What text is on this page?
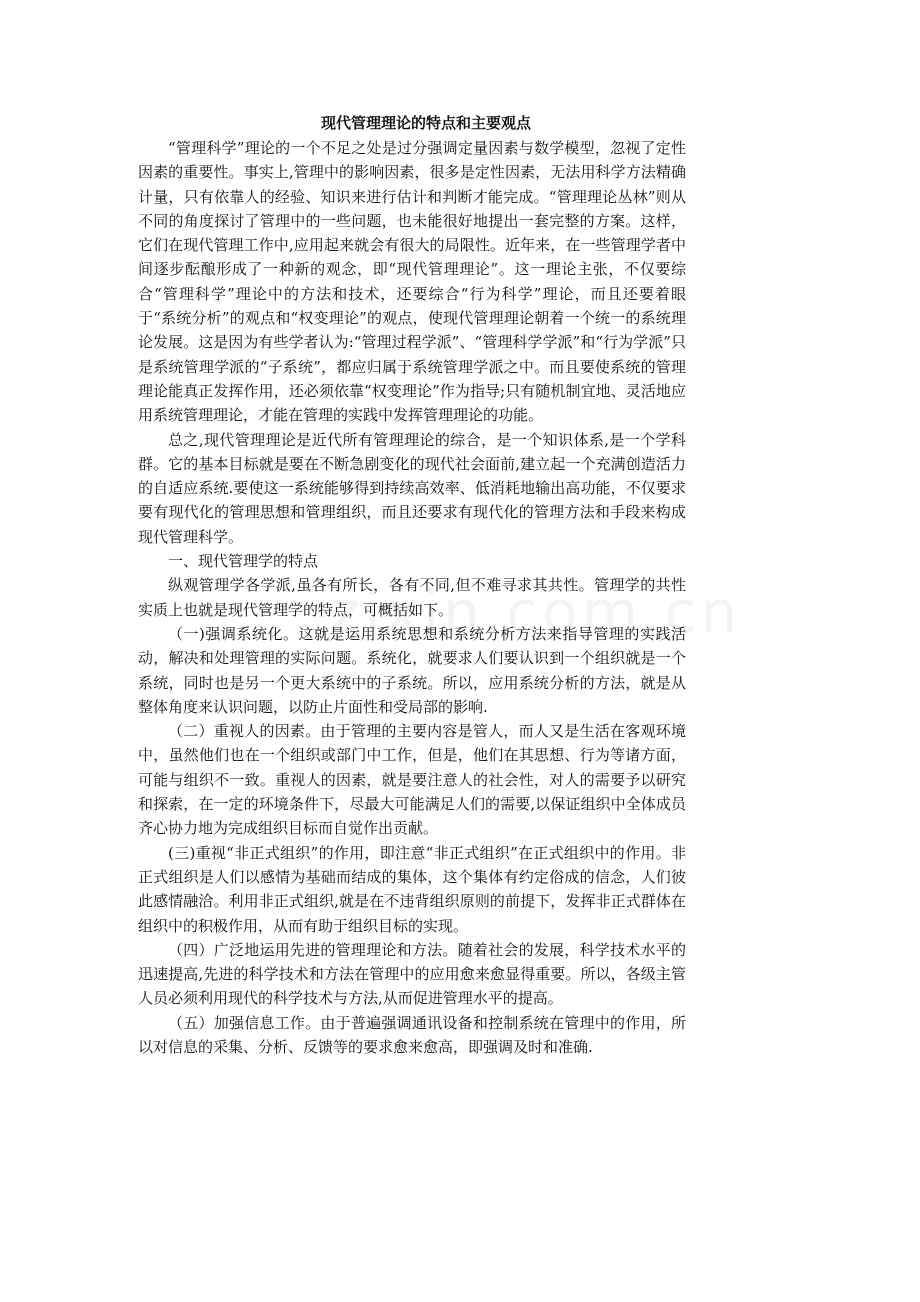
现代管理理论的特点和主要观点

“管理科学”理论的一个不足之处是过分强调定量因素与数学模型，忽视了定性因素的重要性。事实上,管理中的影响因素，很多是定性因素，无法用科学方法精确计量，只有依靠人的经验、知识来进行估计和判断才能完成。“管理理论丛林”则从不同的角度探讨了管理中的一些问题，也未能很好地提出一套完整的方案。这样，它们在现代管理工作中,应用起来就会有很大的局限性。近年来，在一些管理学者中间逐步酝酿形成了一种新的观念，即“现代管理理论”。这一理论主张，不仅要综合“管理科学”理论中的方法和技术，还要综合“行为科学”理论，而且还要着眼于“系统分析”的观点和“权变理论”的观点，使现代管理理论朝着一个统一的系统理论发展。这是因为有些学者认为:“管理过程学派”、“管理科学学派”和“行为学派”只是系统管理学派的“子系统”，都应归属于系统管理学派之中。而且要使系统的管理理论能真正发挥作用，还必须依靠“权变理论”作为指导;只有随机制宜地、灵活地应用系统管理理论，才能在管理的实践中发挥管理理论的功能。

总之,现代管理理论是近代所有管理理论的综合，是一个知识体系,是一个学科群。它的基本目标就是要在不断急剧变化的现代社会面前,建立起一个充满创造活力的自适应系统.要使这一系统能够得到持续高效率、低消耗地输出高功能，不仅要求要有现代化的管理思想和管理组织，而且还要求有现代化的管理方法和手段来构成现代管理科学。

一、现代管理学的特点

纵观管理学各学派,虽各有所长，各有不同,但不难寻求其共性。管理学的共性实质上也就是现代管理学的特点，可概括如下。

（一)强调系统化。这就是运用系统思想和系统分析方法来指导管理的实践活动，解决和处理管理的实际问题。系统化，就要求人们要认识到一个组织就是一个系统，同时也是另一个更大系统中的子系统。所以，应用系统分析的方法，就是从整体角度来认识问题，以防止片面性和受局部的影响.

（二）重视人的因素。由于管理的主要内容是管人，而人又是生活在客观环境中，虽然他们也在一个组织或部门中工作，但是，他们在其思想、行为等诸方面，可能与组织不一致。重视人的因素，就是要注意人的社会性，对人的需要予以研究和探索，在一定的环境条件下，尽最大可能满足人们的需要,以保证组织中全体成员齐心协力地为完成组织目标而自觉作出贡献。

(三)重视“非正式组织”的作用，即注意“非正式组织”在正式组织中的作用。非正式组织是人们以感情为基础而结成的集体，这个集体有约定俗成的信念，人们彼此感情融洽。利用非正式组织,就是在不违背组织原则的前提下，发挥非正式群体在组织中的积极作用，从而有助于组织目标的实现。

（四）广泛地运用先进的管理理论和方法。随着社会的发展，科学技术水平的迅速提高,先进的科学技术和方法在管理中的应用愈来愈显得重要。所以，各级主管人员必须利用现代的科学技术与方法,从而促进管理水平的提高。

（五）加强信息工作。由于普遍强调通讯设备和控制系统在管理中的作用，所以对信息的采集、分析、反馈等的要求愈来愈高，即强调及时和准确.
